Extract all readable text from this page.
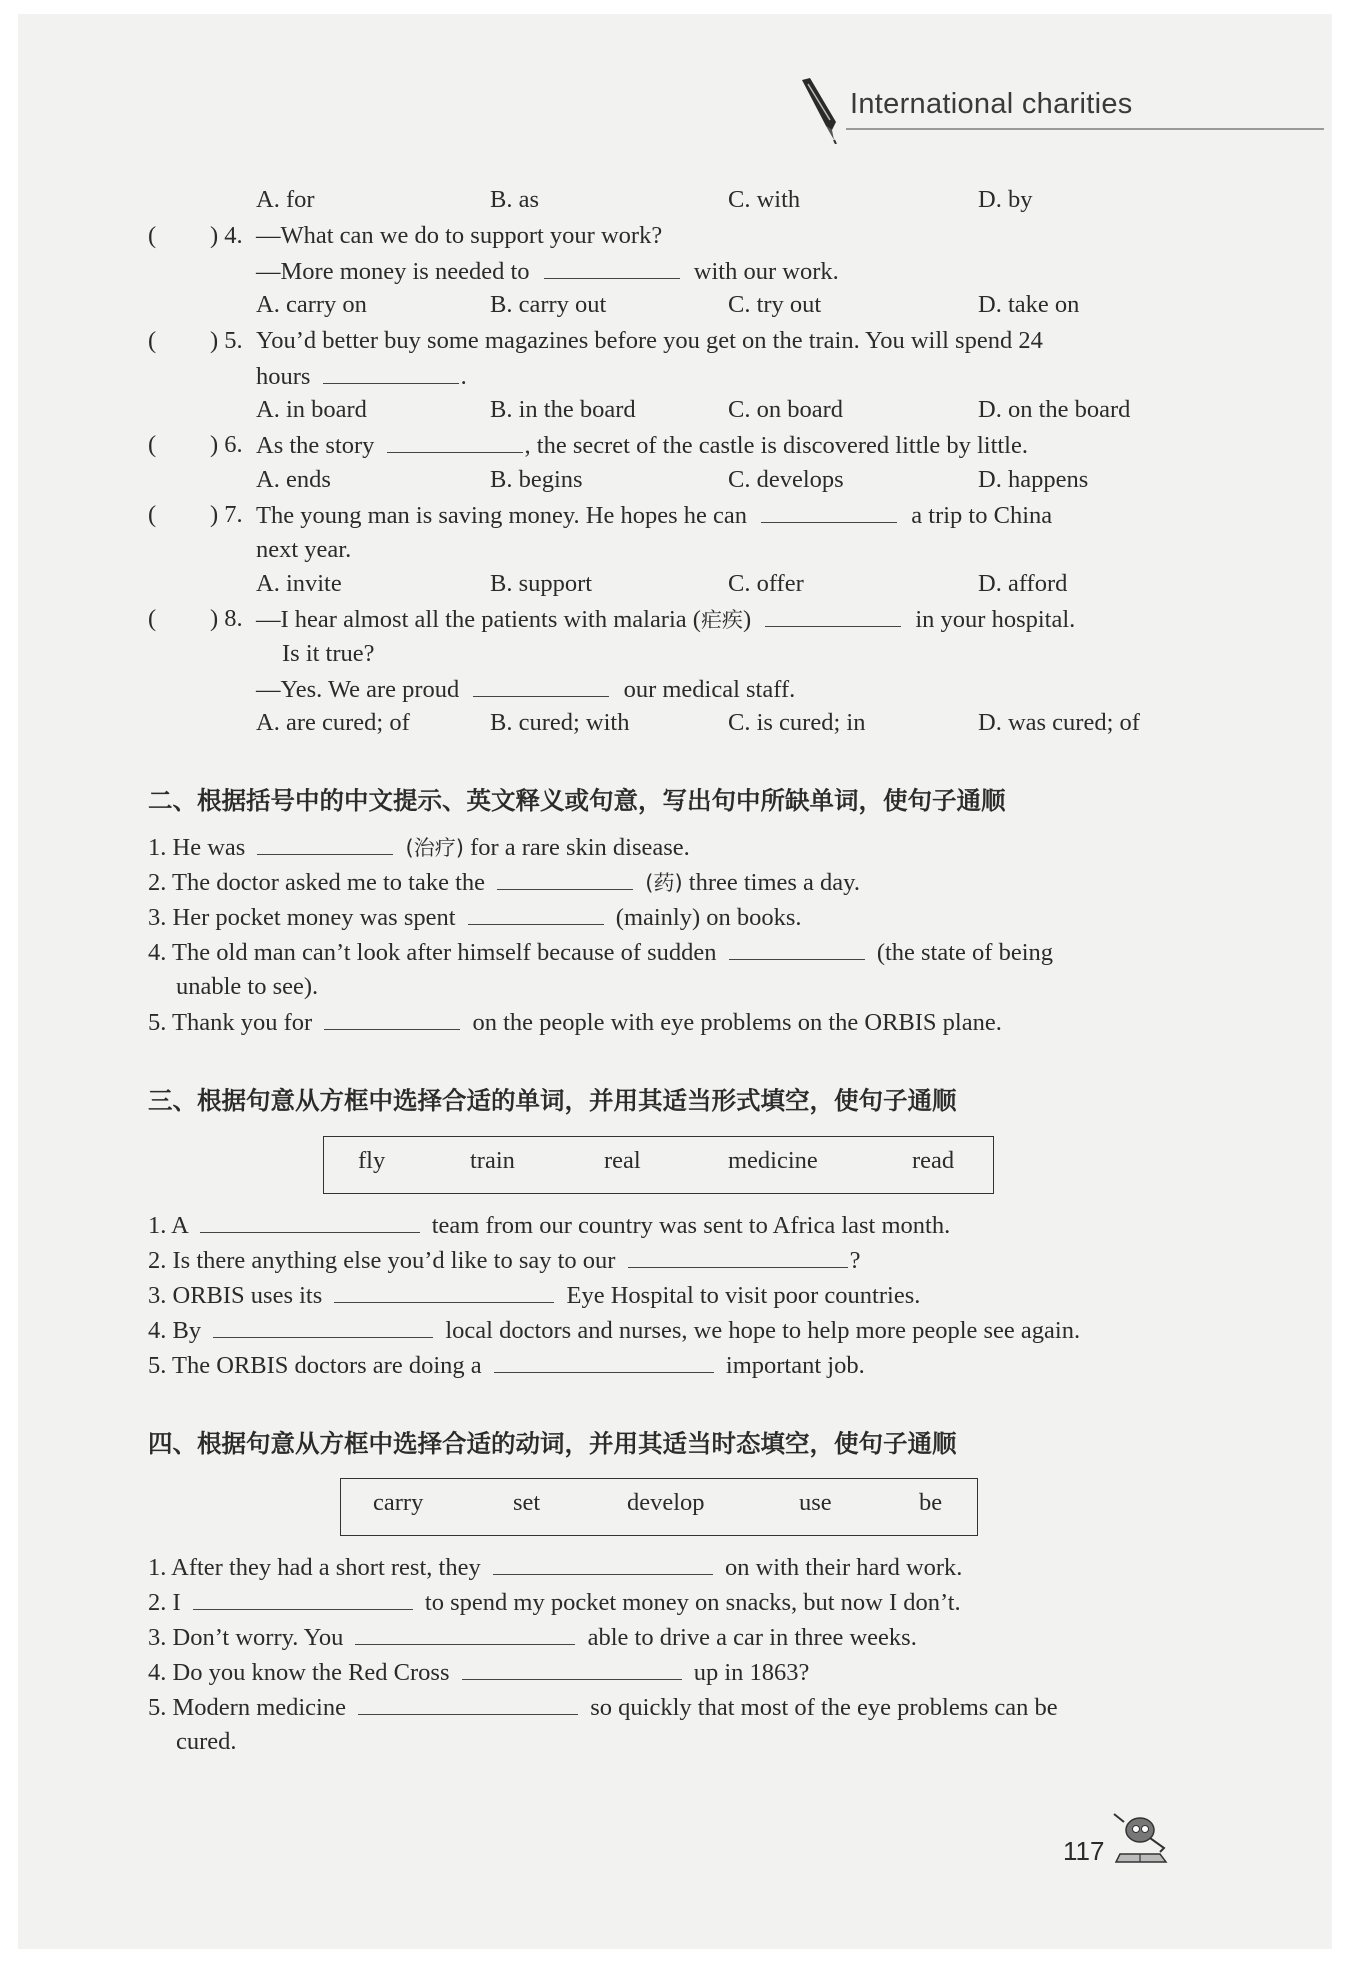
International charities
A. for	B. as	C. with	D. by
( ) 4. —What can we do to support your work?
—More money is needed to	with our work.
A. carry on	B. carry out	C. try out	D. take on
( ) 5. You’d better buy some magazines before you get on the train. You will spend 24
hours	.
A. in board	B. in the board	C. on board	D. on the board
( ) 6. As the story	, the secret of the castle is discovered little by little.
A. ends	B. begins	C. develops	D. happens
( ) 7. The young man is saving money. He hopes he can	a trip to China
next year.
A. invite	B. support	C. offer	D. afford
( ) 8. —I hear almost all the patients with malaria (疟疾)	in your hospital.
Is it true?
—Yes. We are proud	our medical staff.
A. are cured; of	B. cured; with	C. is cured; in	D. was cured; of
二、根据括号中的中文提示、英文释义或句意，写出句中所缺单词，使句子通顺
1. He was	(治疗) for a rare skin disease.
2. The doctor asked me to take the	(药) three times a day.
3. Her pocket money was spent	(mainly) on books.
4. The old man can’t look after himself because of sudden	(the state of being
unable to see).
5. Thank you for	on the people with eye problems on the ORBIS plane.
三、根据句意从方框中选择合适的单词，并用其适当形式填空，使句子通顺
fly	train	real	medicine	read
1. A	team from our country was sent to Africa last month.
2. Is there anything else you’d like to say to our	?
3. ORBIS uses its	Eye Hospital to visit poor countries.
4. By	local doctors and nurses, we hope to help more people see again.
5. The ORBIS doctors are doing a	important job.
四、根据句意从方框中选择合适的动词，并用其适当时态填空，使句子通顺
carry	set	develop	use	be
1. After they had a short rest, they	on with their hard work.
2. I	to spend my pocket money on snacks, but now I don’t.
3. Don’t worry. You	able to drive a car in three weeks.
4. Do you know the Red Cross	up in 1863?
5. Modern medicine	so quickly that most of the eye problems can be
cured.
117
